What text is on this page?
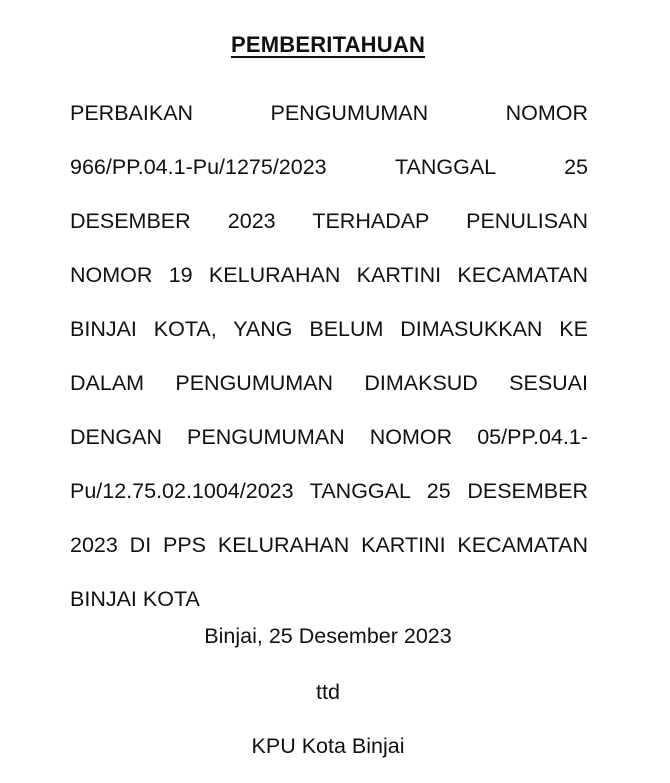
PEMBERITAHUAN
PERBAIKAN PENGUMUMAN NOMOR
966/PP.04.1-Pu/1275/2023 TANGGAL 25
DESEMBER 2023 TERHADAP PENULISAN
NOMOR 19 KELURAHAN KARTINI KECAMATAN
BINJAI KOTA, YANG BELUM DIMASUKKAN KE
DALAM PENGUMUMAN DIMAKSUD SESUAI
DENGAN PENGUMUMAN NOMOR 05/PP.04.1-
Pu/12.75.02.1004/2023 TANGGAL 25 DESEMBER
2023 DI PPS KELURAHAN KARTINI KECAMATAN
BINJAI KOTA
Binjai, 25 Desember 2023
ttd
KPU Kota Binjai
